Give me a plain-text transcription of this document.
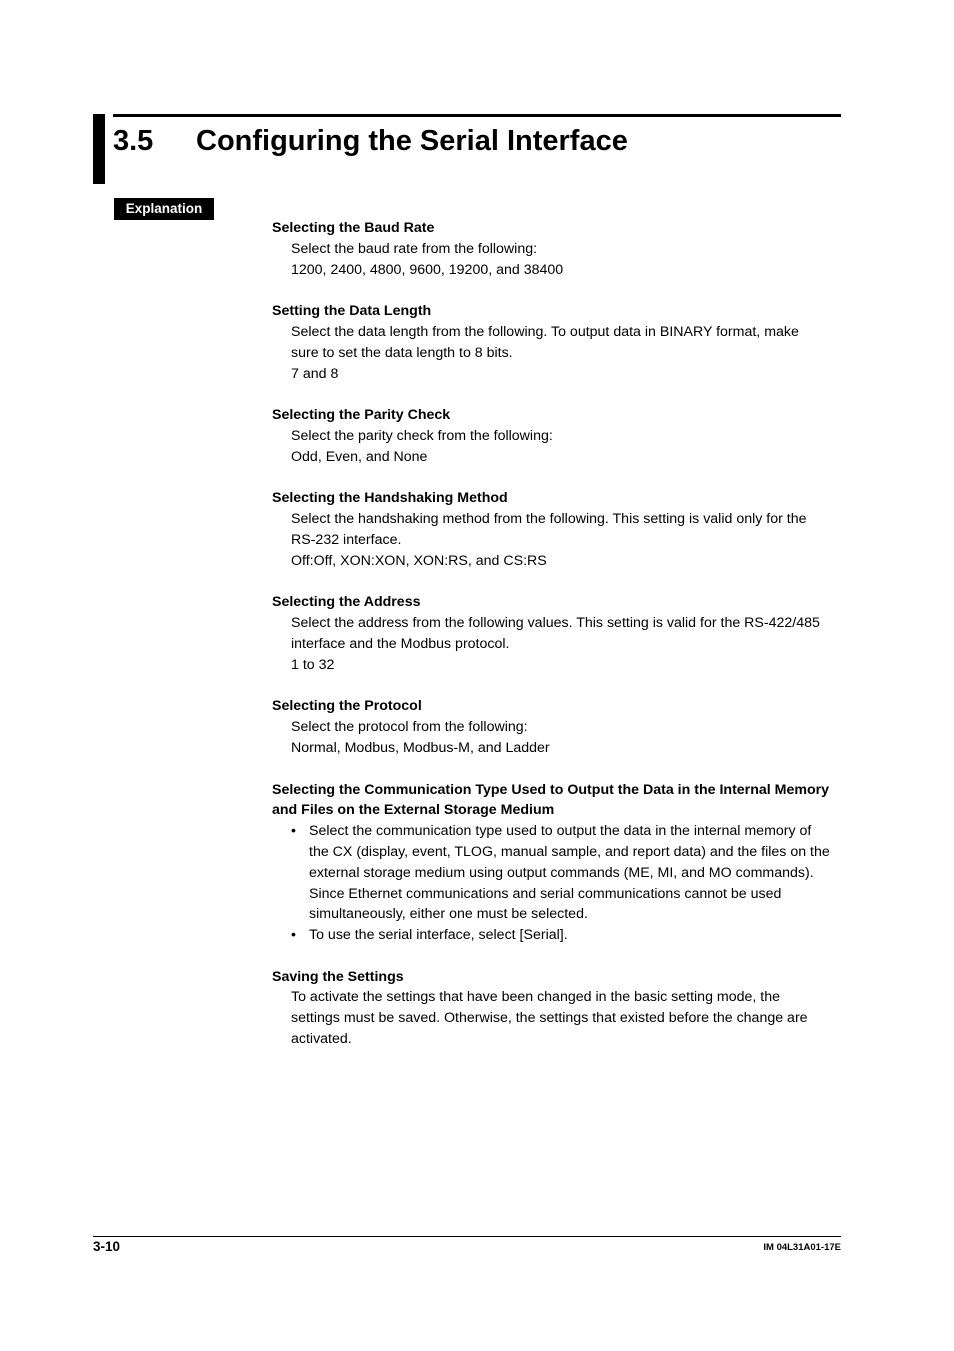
3.5 Configuring the Serial Interface
Explanation
Selecting the Baud Rate
Select the baud rate from the following:
1200, 2400, 4800, 9600, 19200, and 38400
Setting the Data Length
Select the data length from the following. To output data in BINARY format, make
sure to set the data length to 8 bits.
7 and 8
Selecting the Parity Check
Select the parity check from the following:
Odd, Even, and None
Selecting the Handshaking Method
Select the handshaking method from the following. This setting is valid only for the
RS-232 interface.
Off:Off, XON:XON, XON:RS, and CS:RS
Selecting the Address
Select the address from the following values. This setting is valid for the RS-422/485
interface and the Modbus protocol.
1 to 32
Selecting the Protocol
Select the protocol from the following:
Normal, Modbus, Modbus-M, and Ladder
Selecting the Communication Type Used to Output the Data in the Internal Memory
and Files on the External Storage Medium
• Select the communication type used to output the data in the internal memory of
the CX (display, event, TLOG, manual sample, and report data) and the files on the
external storage medium using output commands (ME, MI, and MO commands).
Since Ethernet communications and serial communications cannot be used
simultaneously, either one must be selected.
• To use the serial interface, select [Serial].
Saving the Settings
To activate the settings that have been changed in the basic setting mode, the
settings must be saved. Otherwise, the settings that existed before the change are
activated.
3-10	IM 04L31A01-17E
